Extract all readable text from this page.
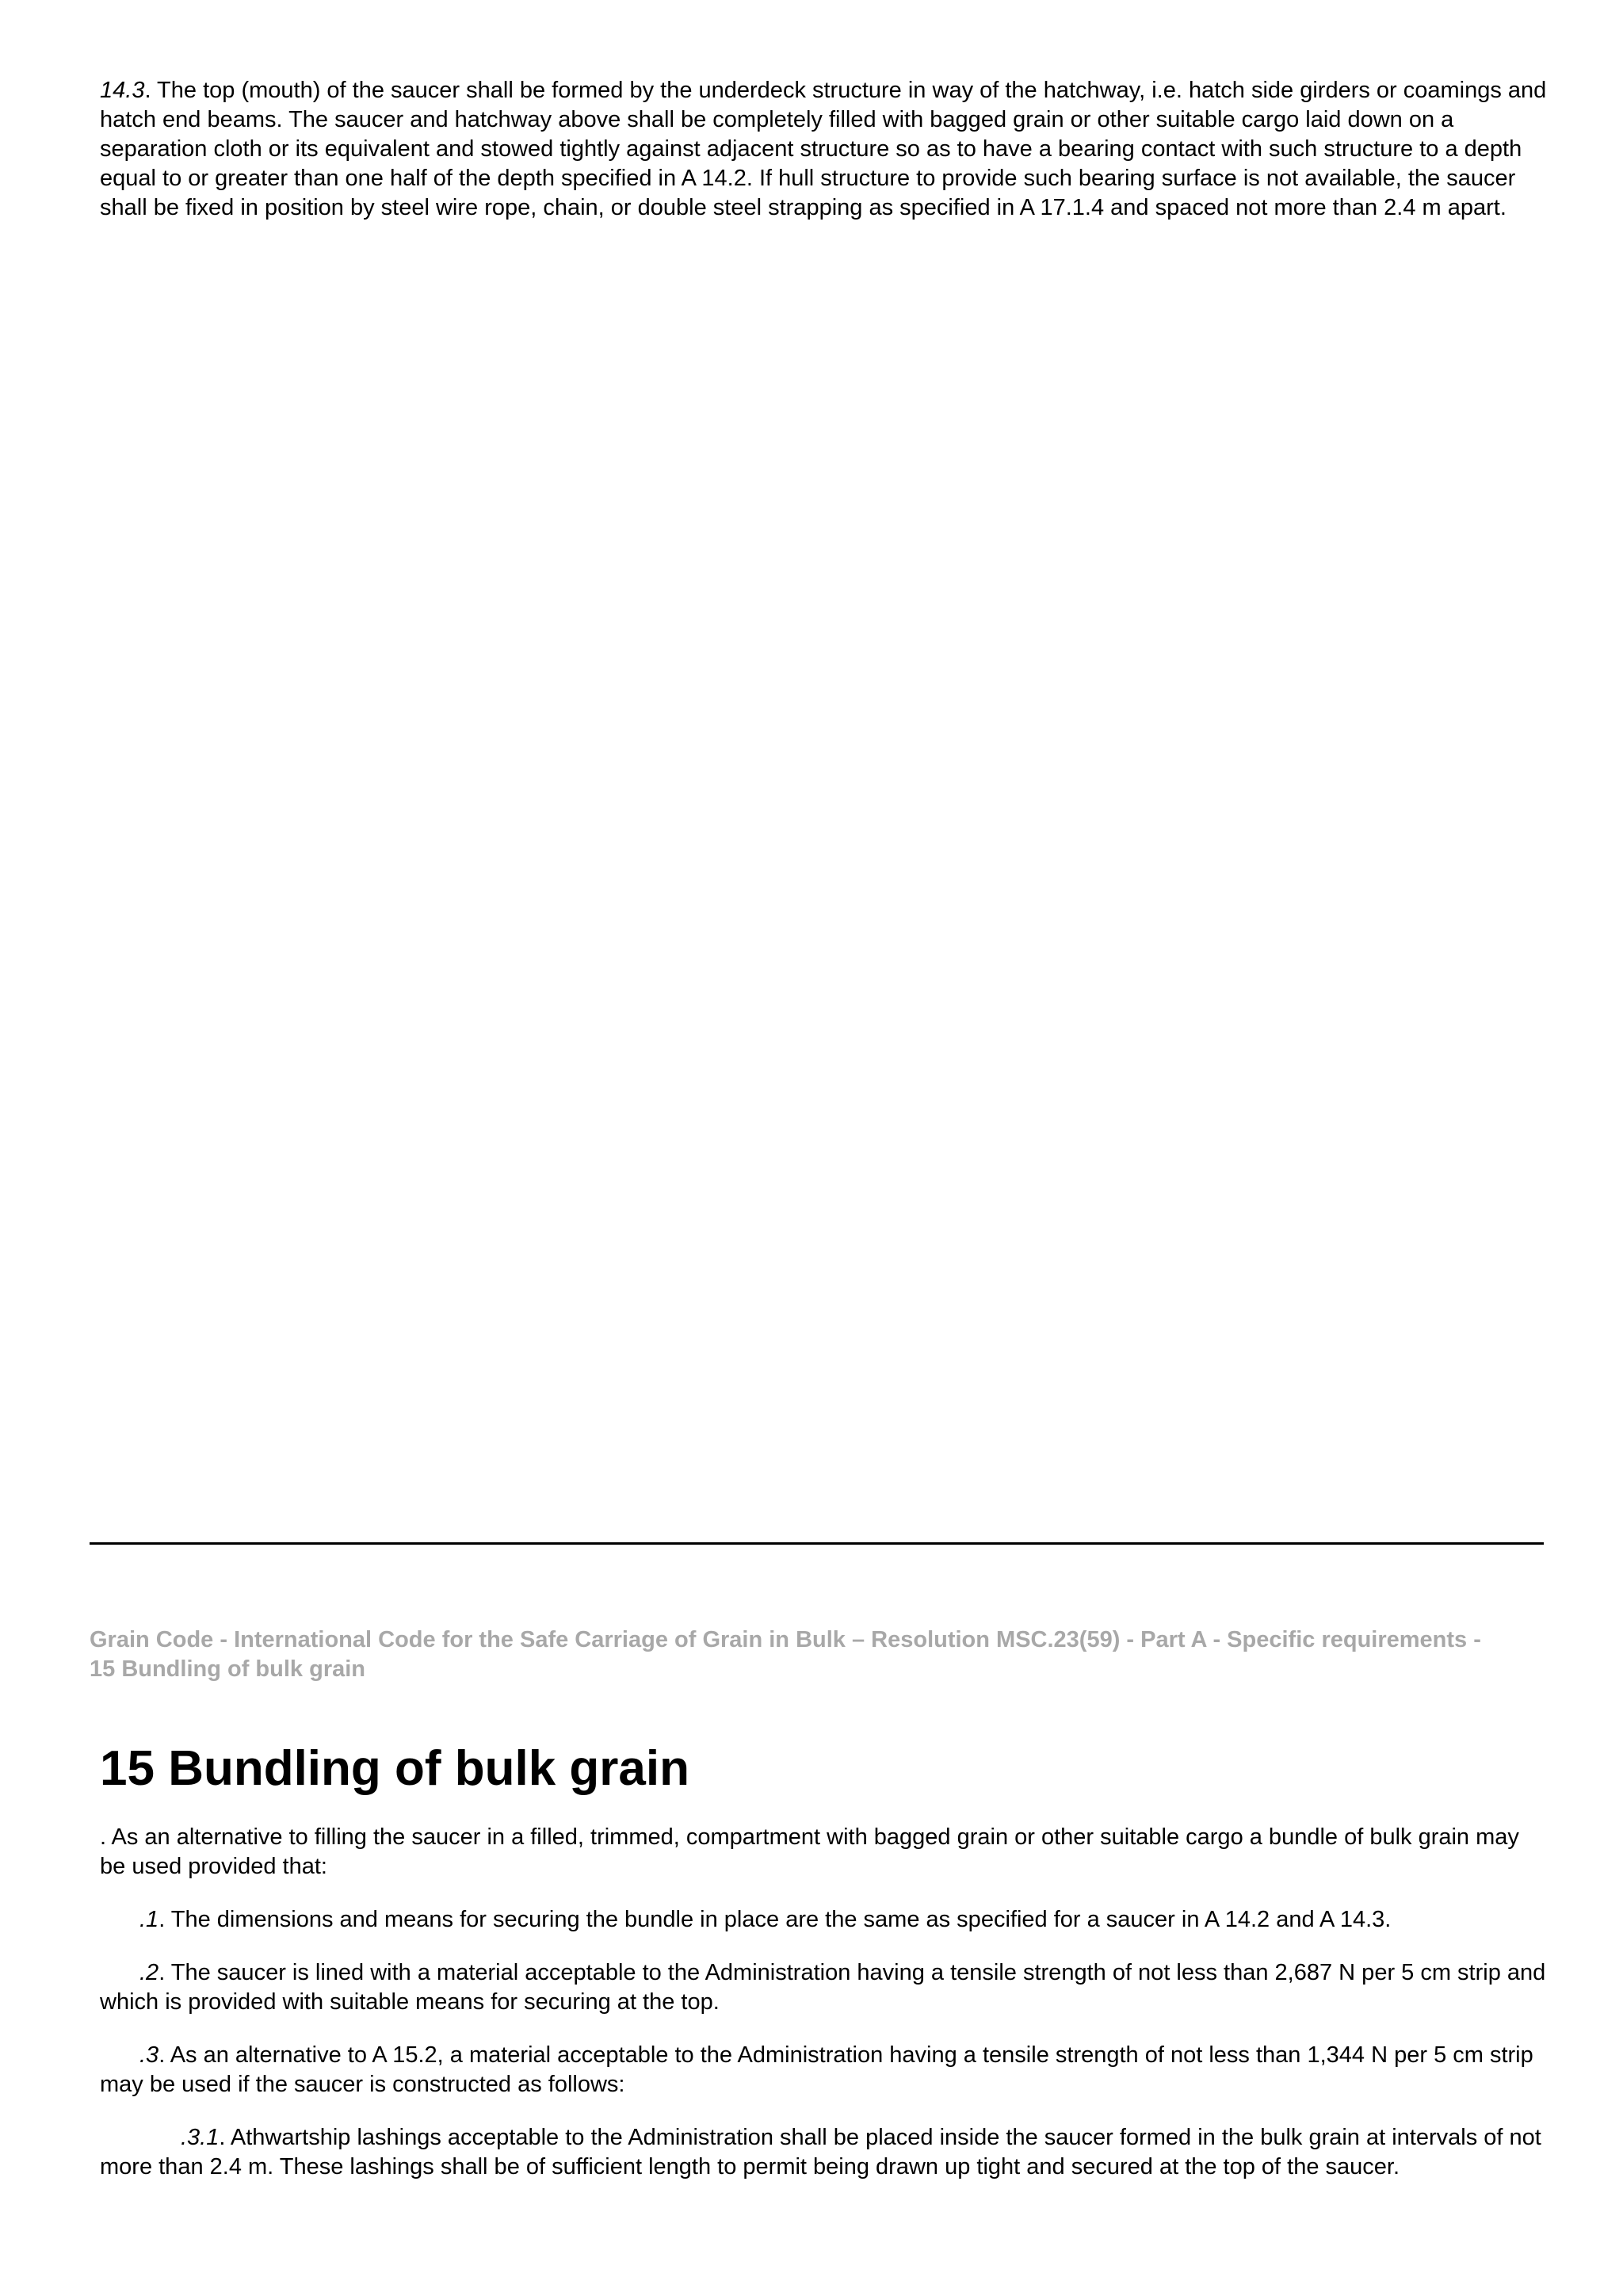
14.3. The top (mouth) of the saucer shall be formed by the underdeck structure in way of the hatchway, i.e. hatch side girders or coamings and hatch end beams. The saucer and hatchway above shall be completely filled with bagged grain or other suitable cargo laid down on a separation cloth or its equivalent and stowed tightly against adjacent structure so as to have a bearing contact with such structure to a depth equal to or greater than one half of the depth specified in A 14.2. If hull structure to provide such bearing surface is not available, the saucer shall be fixed in position by steel wire rope, chain, or double steel strapping as specified in A 17.1.4 and spaced not more than 2.4 m apart.

Grain Code - International Code for the Safe Carriage of Grain in Bulk – Resolution MSC.23(59) - Part A - Specific requirements - 15 Bundling of bulk grain

15 Bundling of bulk grain

. As an alternative to filling the saucer in a filled, trimmed, compartment with bagged grain or other suitable cargo a bundle of bulk grain may be used provided that:

.1. The dimensions and means for securing the bundle in place are the same as specified for a saucer in A 14.2 and A 14.3.

.2. The saucer is lined with a material acceptable to the Administration having a tensile strength of not less than 2,687 N per 5 cm strip and which is provided with suitable means for securing at the top.

.3. As an alternative to A 15.2, a material acceptable to the Administration having a tensile strength of not less than 1,344 N per 5 cm strip may be used if the saucer is constructed as follows:

.3.1. Athwartship lashings acceptable to the Administration shall be placed inside the saucer formed in the bulk grain at intervals of not more than 2.4 m. These lashings shall be of sufficient length to permit being drawn up tight and secured at the top of the saucer.
